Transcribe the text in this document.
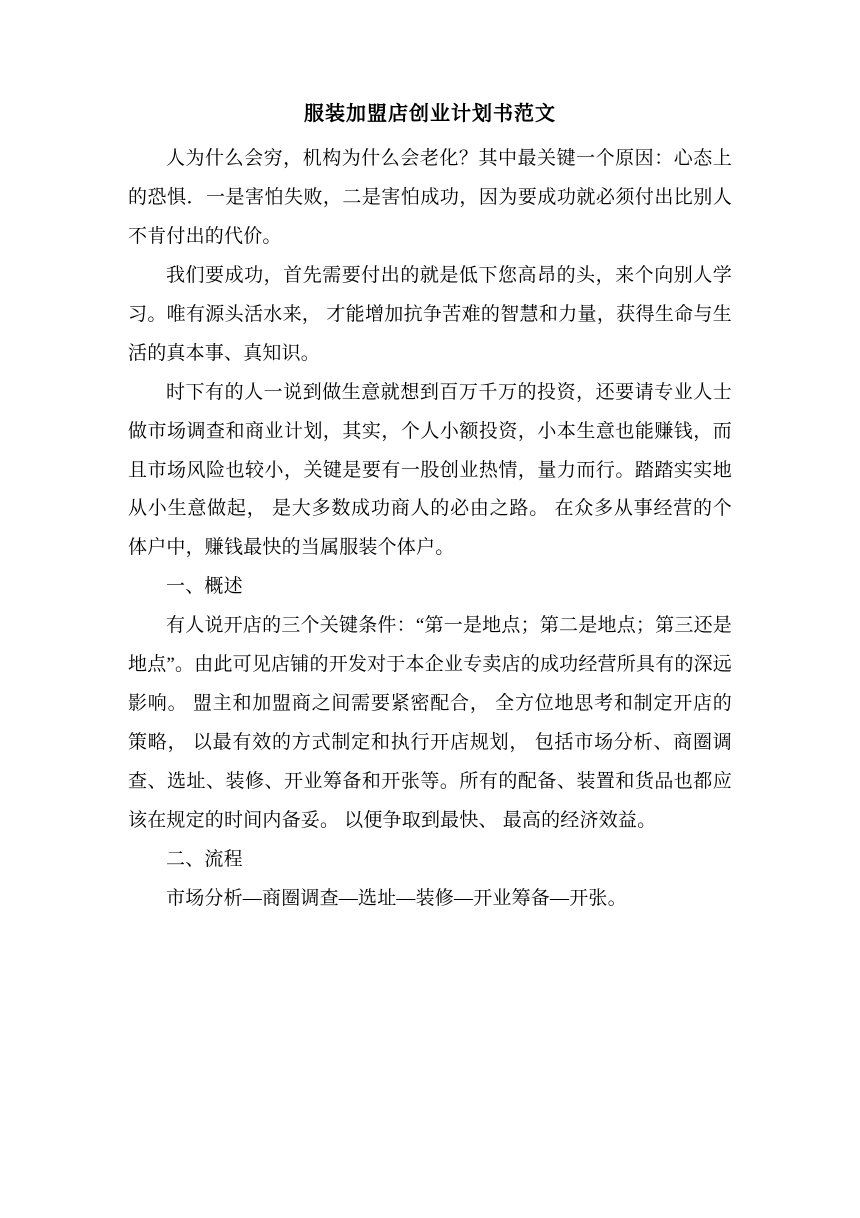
服装加盟店创业计划书范文

人为什么会穷，机构为什么会老化？其中最关键一个原因：心态上的恐惧．一是害怕失败，二是害怕成功，因为要成功就必须付出比别人不肯付出的代价。

我们要成功，首先需要付出的就是低下您高昂的头，来个向别人学习。唯有源头活水来， 才能增加抗争苦难的智慧和力量，获得生命与生活的真本事、真知识。

时下有的人一说到做生意就想到百万千万的投资，还要请专业人士做市场调查和商业计划，其实，个人小额投资，小本生意也能赚钱，而且市场风险也较小，关键是要有一股创业热情，量力而行。踏踏实实地从小生意做起， 是大多数成功商人的必由之路。 在众多从事经营的个体户中，赚钱最快的当属服装个体户。

一、概述

有人说开店的三个关键条件：“第一是地点；第二是地点；第三还是地点”。由此可见店铺的开发对于本企业专卖店的成功经营所具有的深远影响。 盟主和加盟商之间需要紧密配合， 全方位地思考和制定开店的策略， 以最有效的方式制定和执行开店规划， 包括市场分析、商圈调查、选址、装修、开业筹备和开张等。所有的配备、装置和货品也都应该在规定的时间内备妥。 以便争取到最快、 最高的经济效益。

二、流程

市场分析—商圈调查—选址—装修—开业筹备—开张。
